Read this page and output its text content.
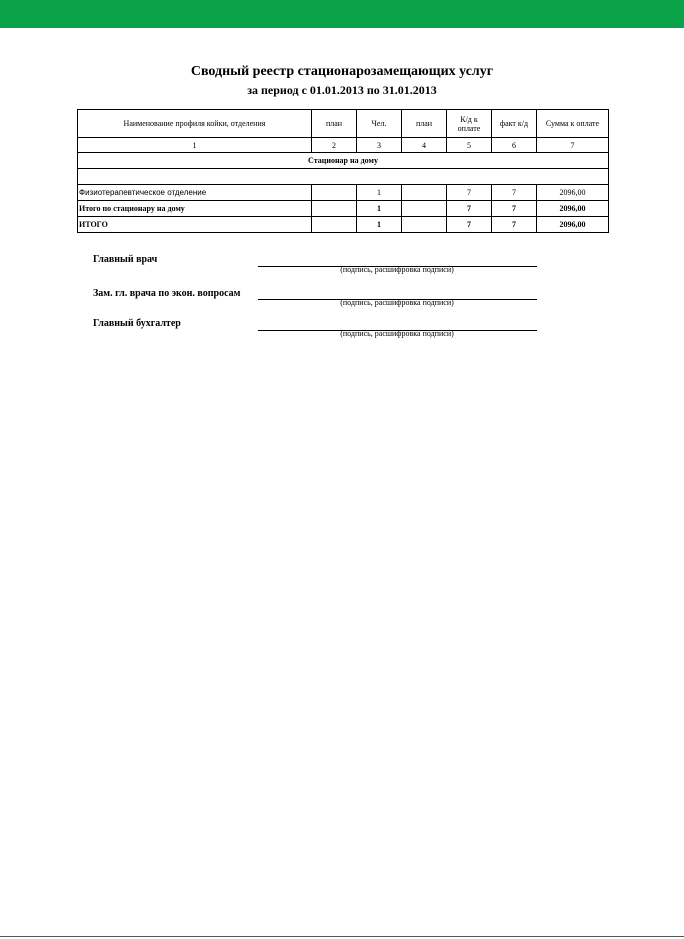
Сводный реестр стационарозамещающих услуг
за период с 01.01.2013 по 31.01.2013
Наименование профиля койки, отделения	план	Чел.	план	К/д к оплате	факт к/д	Сумма к оплате
1	2	3	4	5	6	7
Стационар на дому						

Физиотерапевтическое отделение		1		7	7	2096,00
Итого по стационару на дому		1		7	7	2096,00
ИТОГО		1		7	7	2096,00
Главный врач
(подпись, расшифровка подписи)
Зам. гл. врача по экон. вопросам
(подпись, расшифровка подписи)
Главный бухгалтер
(подпись, расшифровка подписи)
